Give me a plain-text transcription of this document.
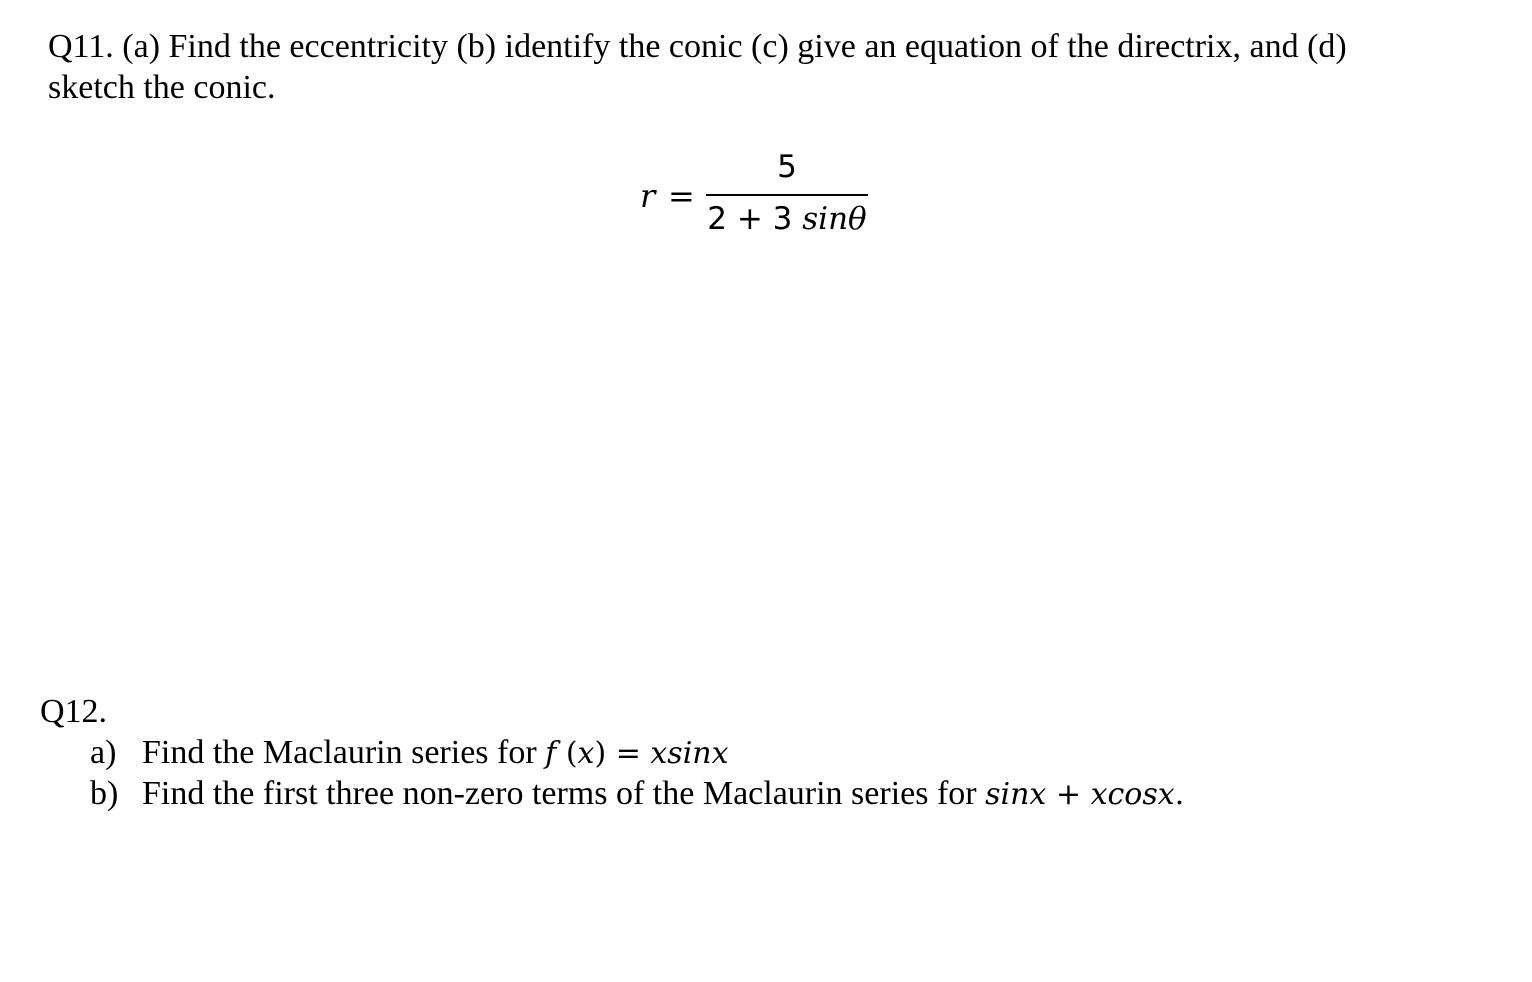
Q11. (a) Find the eccentricity (b) identify the conic (c) give an equation of the directrix, and (d)
sketch the conic.
r =
5
2 + 3 sinθ
Q12.
a) Find the Maclaurin series for f (x) = xsinx
b) Find the first three non-zero terms of the Maclaurin series for sinx + xcosx.
